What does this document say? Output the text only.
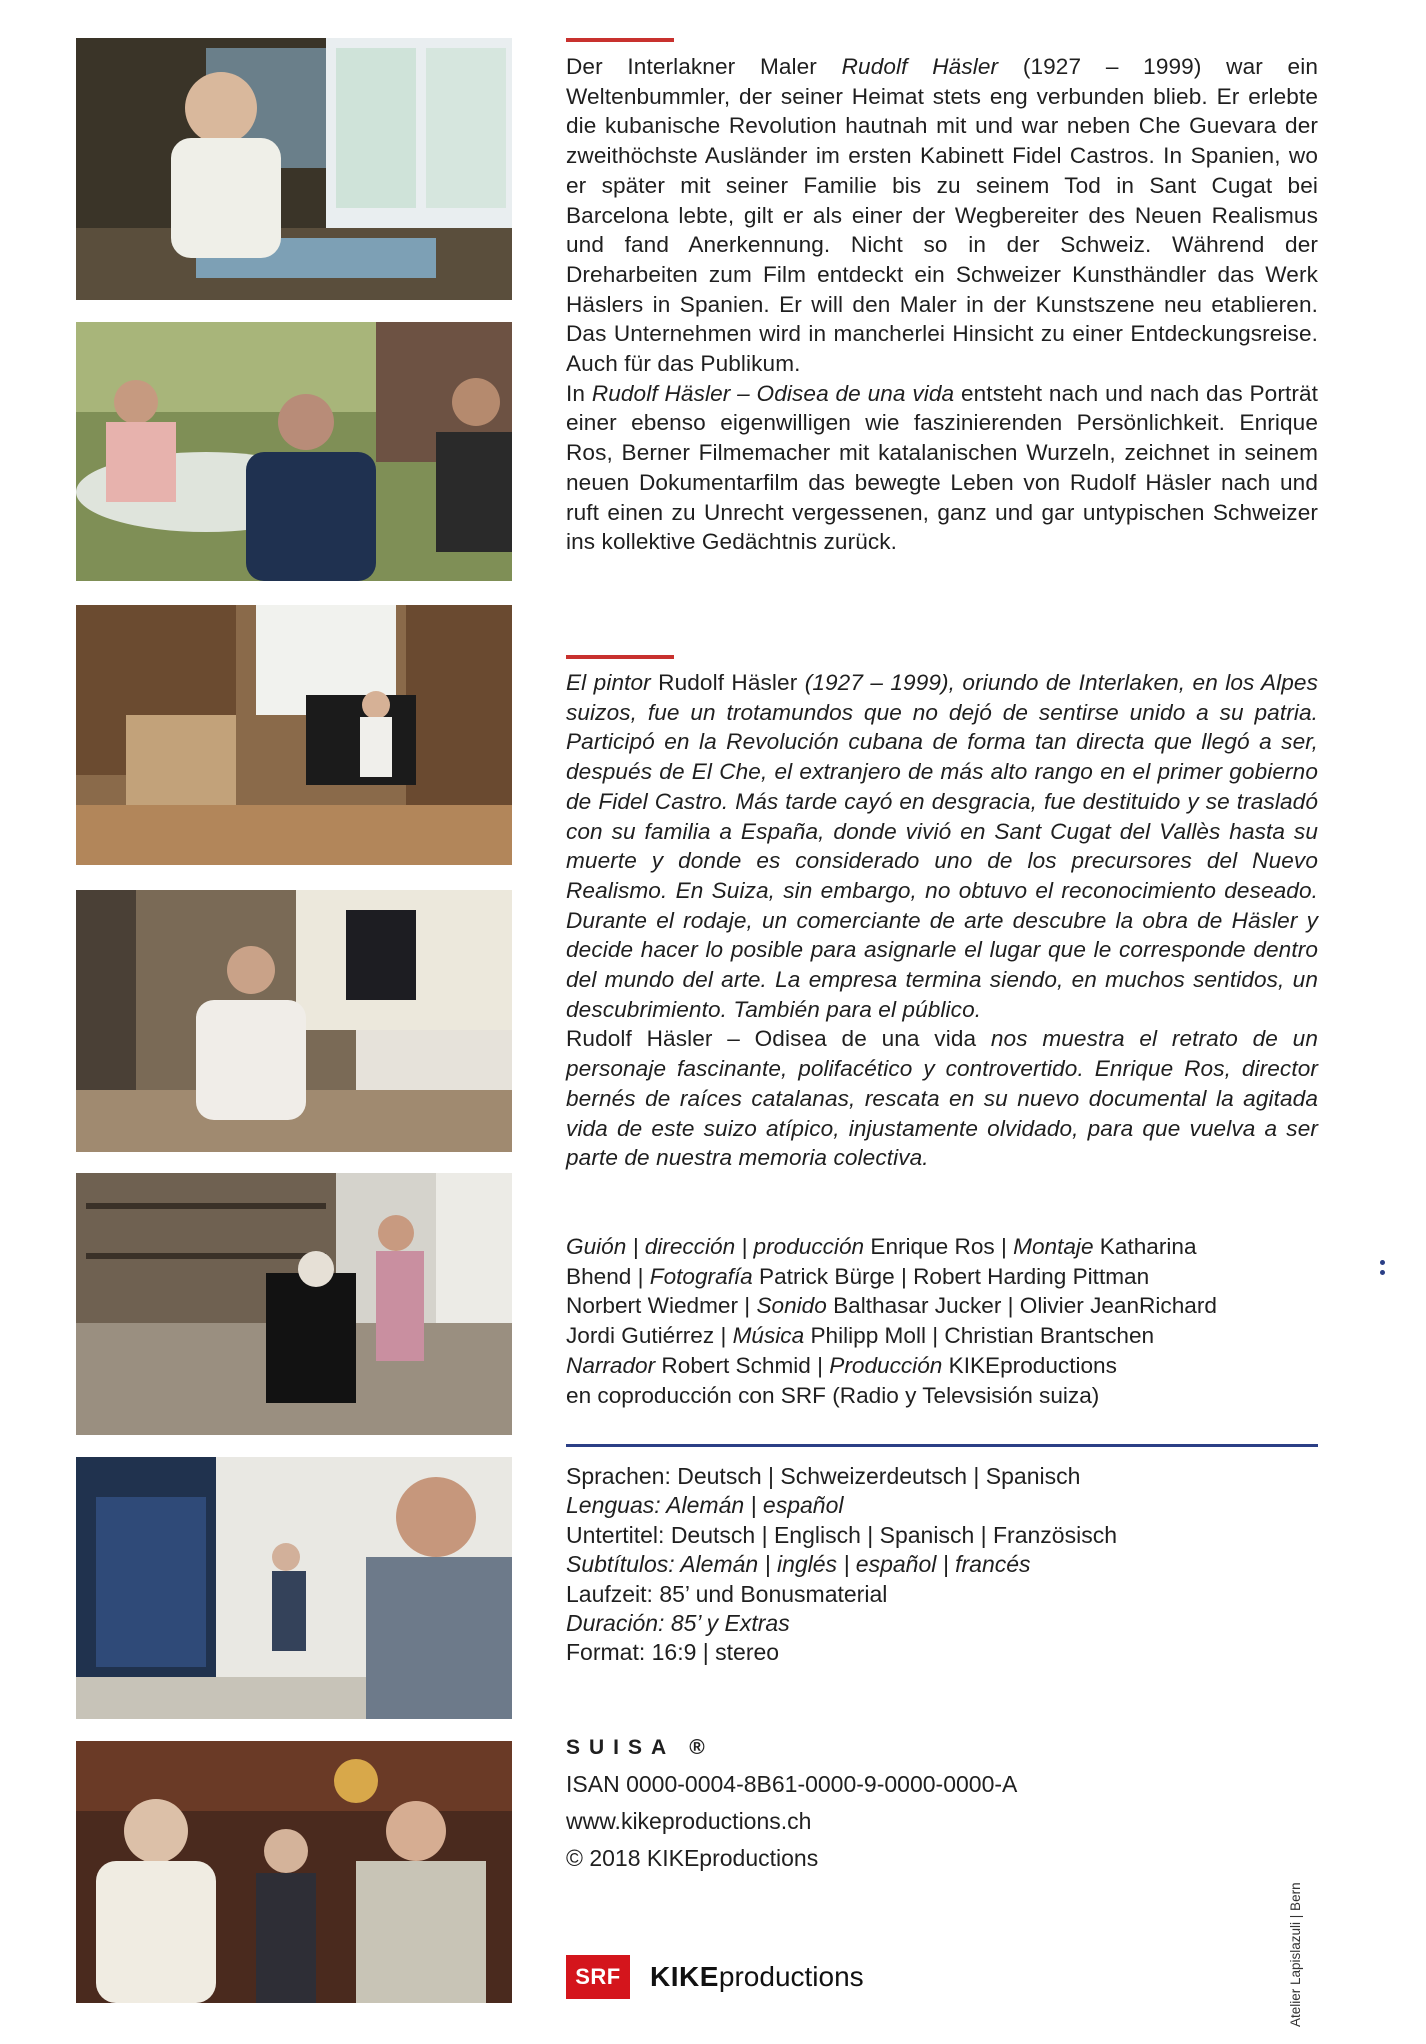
Der Interlakner Maler Rudolf Häsler (1927 – 1999) war ein Weltenbummler, der seiner Heimat stets eng verbunden blieb. Er erlebte die kubanische Revolution hautnah mit und war neben Che Guevara der zweithöchste Ausländer im ersten Kabinett Fidel Castros. In Spanien, wo er später mit seiner Familie bis zu seinem Tod in Sant Cugat bei Barcelona lebte, gilt er als einer der Wegbereiter des Neuen Realismus und fand Anerkennung. Nicht so in der Schweiz. Während der Dreharbeiten zum Film entdeckt ein Schweizer Kunsthändler das Werk Häslers in Spanien. Er will den Maler in der Kunstszene neu etablieren. Das Unternehmen wird in mancherlei Hinsicht zu einer Entdeckungsreise. Auch für das Publikum.

In Rudolf Häsler – Odisea de una vida entsteht nach und nach das Porträt einer ebenso eigenwilligen wie faszinierenden Persönlichkeit. Enrique Ros, Berner Filmemacher mit katalanischen Wurzeln, zeichnet in seinem neuen Dokumentarfilm das bewegte Leben von Rudolf Häsler nach und ruft einen zu Unrecht vergessenen, ganz und gar untypischen Schweizer ins kollektive Gedächtnis zurück.

El pintor Rudolf Häsler (1927 – 1999), oriundo de Interlaken, en los Alpes suizos, fue un trotamundos que no dejó de sentirse unido a su patria. Participó en la Revolución cubana de forma tan directa que llegó a ser, después de El Che, el extranjero de más alto rango en el primer gobierno de Fidel Castro. Más tarde cayó en desgracia, fue destituido y se trasladó con su familia a España, donde vivió en Sant Cugat del Vallès hasta su muerte y donde es considerado uno de los precursores del Nuevo Realismo. En Suiza, sin embargo, no obtuvo el reconocimiento deseado. Durante el rodaje, un comerciante de arte descubre la obra de Häsler y decide hacer lo posible para asignarle el lugar que le corresponde dentro del mundo del arte. La empresa termina siendo, en muchos sentidos, un descubrimiento. También para el público.

Rudolf Häsler – Odisea de una vida nos muestra el retrato de un personaje fascinante, polifacético y controvertido. Enrique Ros, director bernés de raíces catalanas, rescata en su nuevo documental la agitada vida de este suizo atípico, injustamente olvidado, para que vuelva a ser parte de nuestra memoria colectiva.

Guión | dirección | producción Enrique Ros | Montaje Katharina

Bhend | Fotografía Patrick Bürge | Robert Harding Pittman

Norbert Wiedmer | Sonido Balthasar Jucker | Olivier JeanRichard

Jordi Gutiérrez | Música Philipp Moll | Christian Brantschen

Narrador Robert Schmid | Producción KIKEproductions

en coproducción con SRF (Radio y Televsisión suiza)

Sprachen: Deutsch | Schweizerdeutsch | Spanisch

Lenguas: Alemán | español

Untertitel: Deutsch | Englisch | Spanisch | Französisch

Subtítulos: Alemán | inglés | español | francés

Laufzeit: 85’ und Bonusmaterial

Duración: 85’ y Extras

Format: 16:9 | stereo

SUISA ®
ISAN 0000-0004-8B61-0000-9-0000-0000-A
www.kikeproductions.ch
© 2018 KIKEproductions
SRF	KIKEproductions	Atelier Lapislazuli | Bern
